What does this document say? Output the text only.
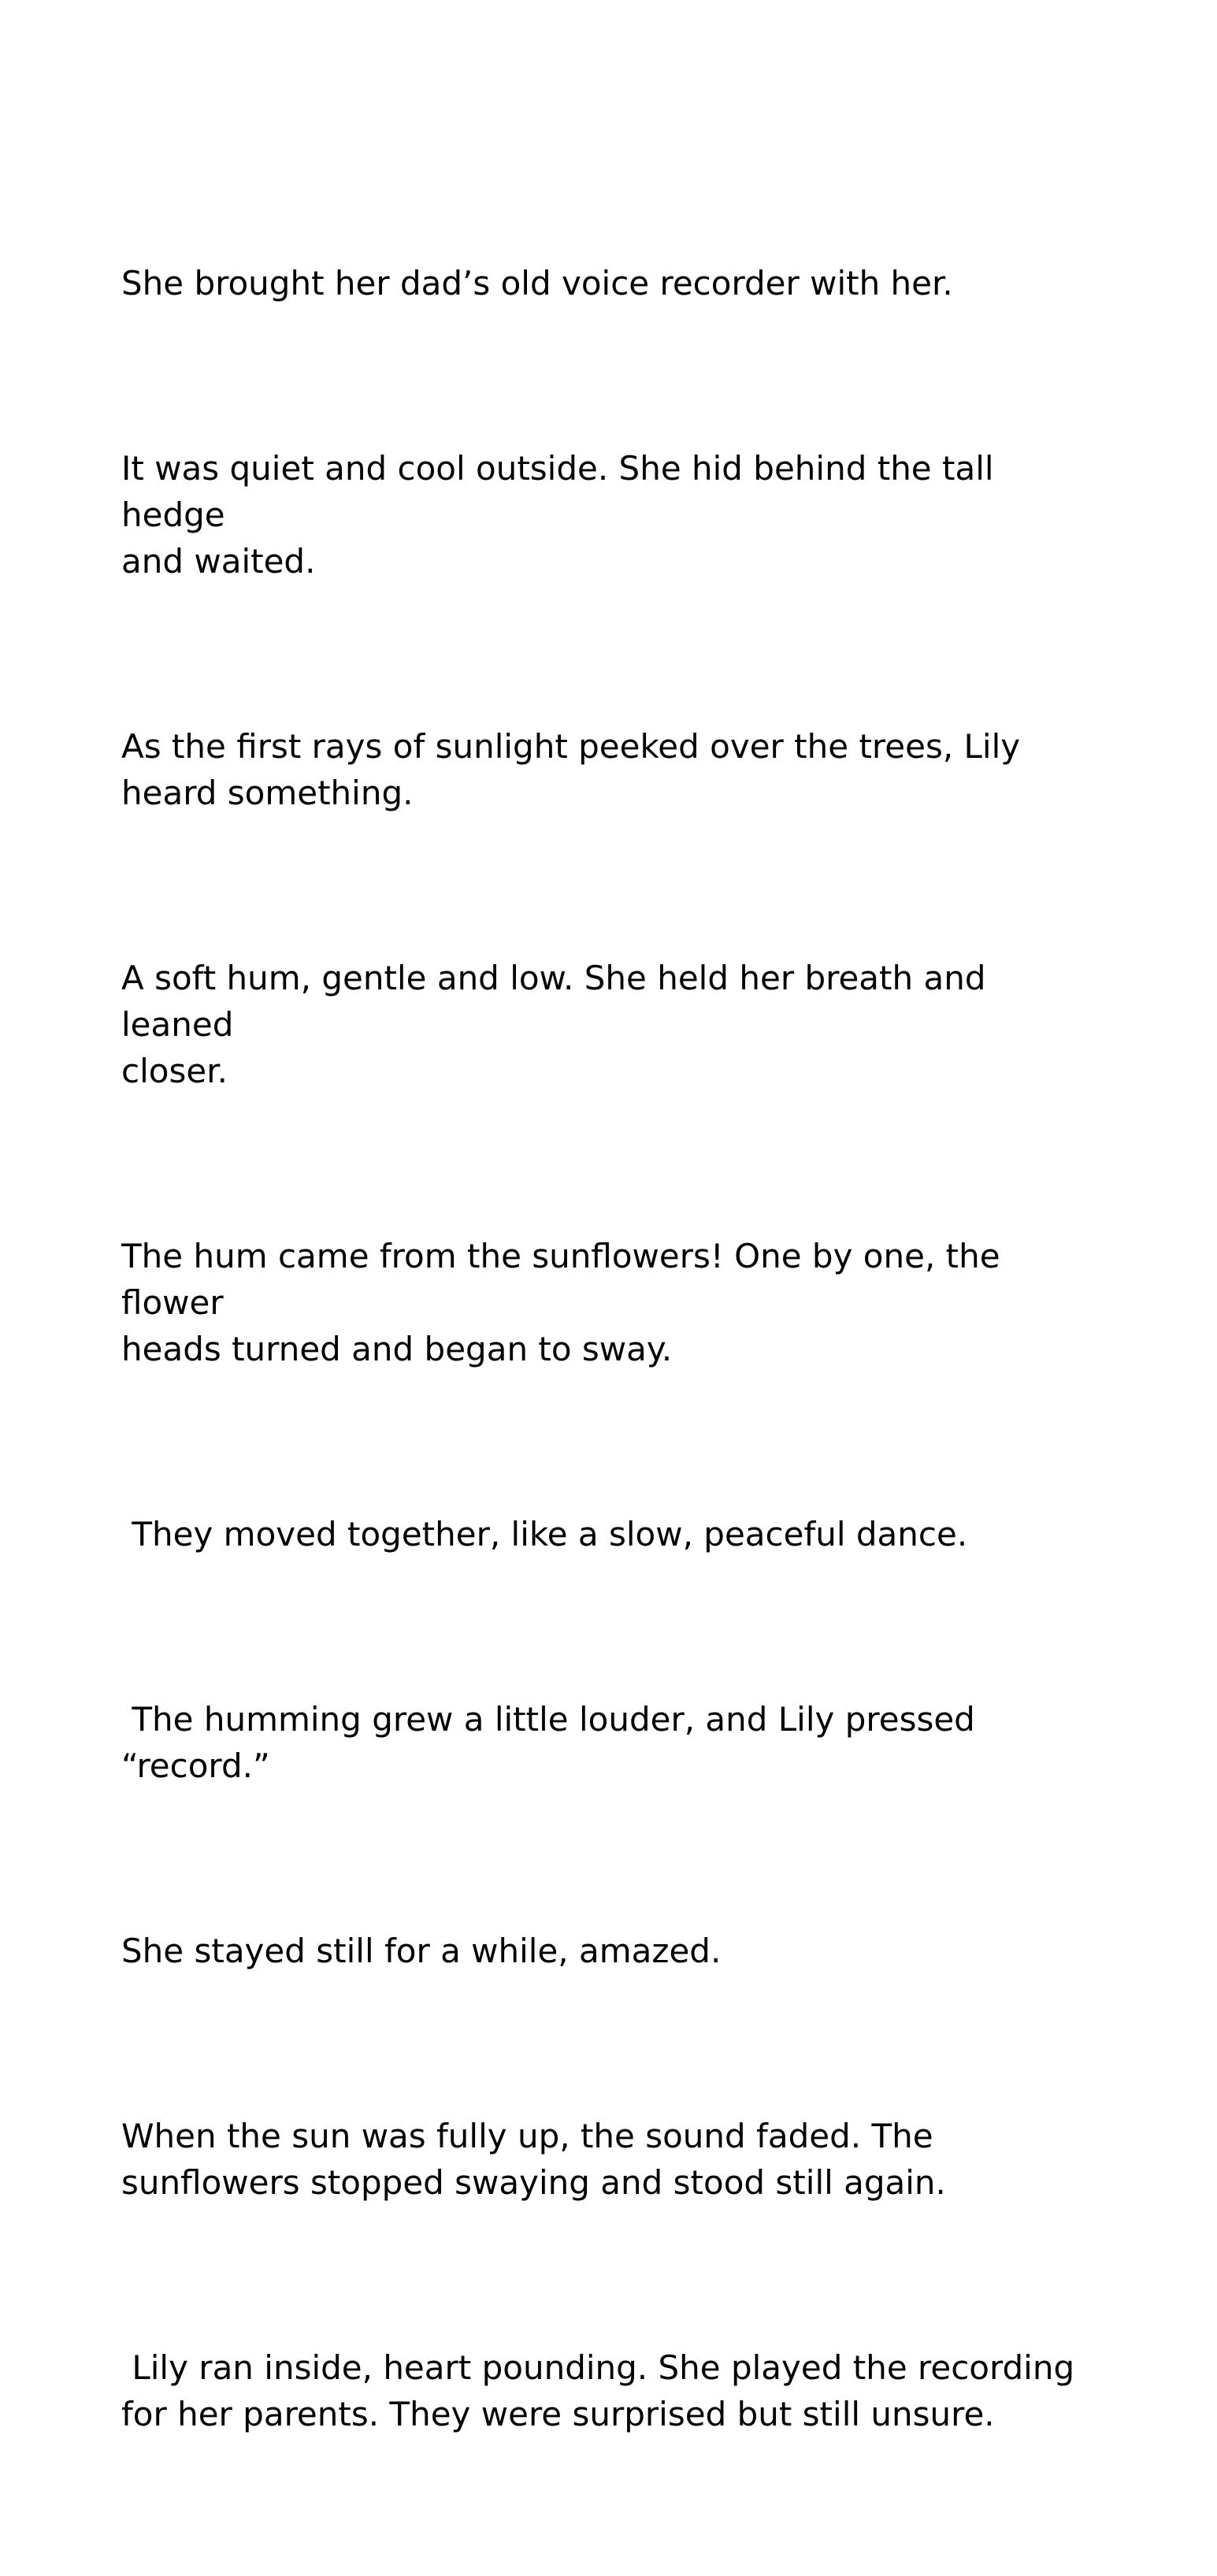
She brought her dad’s old voice recorder with her.

It was quiet and cool outside. She hid behind the tall hedge
and waited.

As the first rays of sunlight peeked over the trees, Lily
heard something.

A soft hum, gentle and low. She held her breath and leaned
closer.

The hum came from the sunflowers! One by one, the flower
heads turned and began to sway.

They moved together, like a slow, peaceful dance.

The humming grew a little louder, and Lily pressed
“record.”

She stayed still for a while, amazed.

When the sun was fully up, the sound faded. The
sunflowers stopped swaying and stood still again.

Lily ran inside, heart pounding. She played the recording
for her parents. They were surprised but still unsure.
